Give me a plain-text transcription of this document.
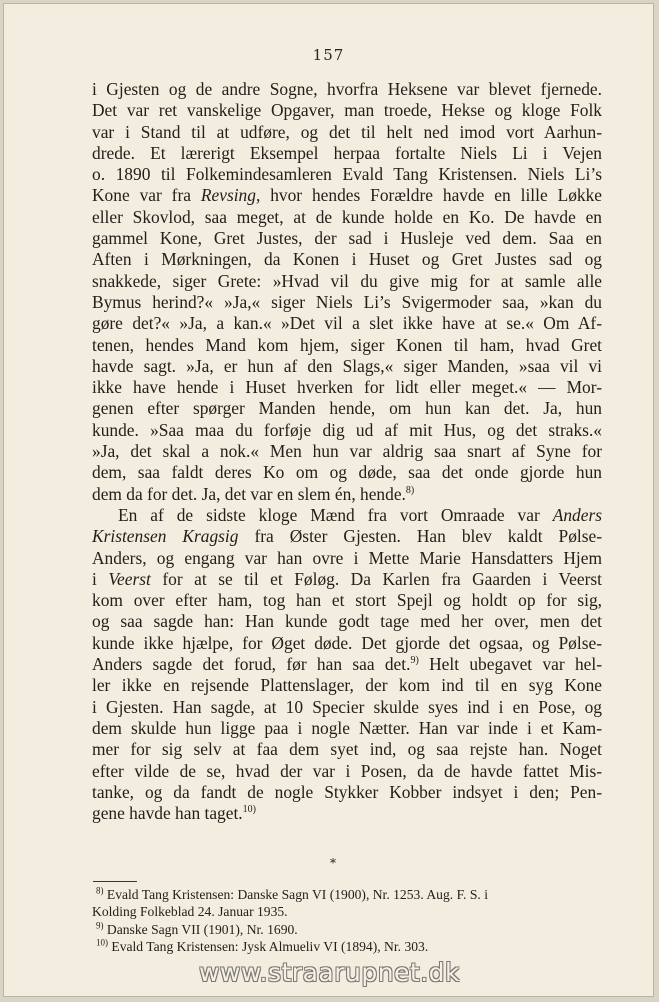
157
i Gjesten og de andre Sogne, hvorfra Heksene var blevet fjernede.
Det var ret vanskelige Opgaver, man troede, Hekse og kloge Folk
var i Stand til at udføre, og det til helt ned imod vort Aarhun-
drede. Et lærerigt Eksempel herpaa fortalte Niels Li i Vejen
o. 1890 til Folkemindesamleren Evald Tang Kristensen. Niels Li’s
Kone var fra Revsing, hvor hendes Forældre havde en lille Løkke
eller Skovlod, saa meget, at de kunde holde en Ko. De havde en
gammel Kone, Gret Justes, der sad i Husleje ved dem. Saa en
Aften i Mørkningen, da Konen i Huset og Gret Justes sad og
snakkede, siger Grete: »Hvad vil du give mig for at samle alle
Bymus herind?« »Ja,« siger Niels Li’s Svigermoder saa, »kan du
gøre det?« »Ja, a kan.« »Det vil a slet ikke have at se.« Om Af-
tenen, hendes Mand kom hjem, siger Konen til ham, hvad Gret
havde sagt. »Ja, er hun af den Slags,« siger Manden, »saa vil vi
ikke have hende i Huset hverken for lidt eller meget.« — Mor-
genen efter spørger Manden hende, om hun kan det. Ja, hun
kunde. »Saa maa du forføje dig ud af mit Hus, og det straks.«
»Ja, det skal a nok.« Men hun var aldrig saa snart af Syne for
dem, saa faldt deres Ko om og døde, saa det onde gjorde hun
dem da for det. Ja, det var en slem én, hende.$^{8)}$
En af de sidste kloge Mænd fra vort Omraade var Anders
Kristensen Kragsig fra Øster Gjesten. Han blev kaldt Pølse-
Anders, og engang var han ovre i Mette Marie Hansdatters Hjem
i Veerst for at se til et Føløg. Da Karlen fra Gaarden i Veerst
kom over efter ham, tog han et stort Spejl og holdt op for sig,
og saa sagde han: Han kunde godt tage med her over, men det
kunde ikke hjælpe, for Øget døde. Det gjorde det ogsaa, og Pølse-
Anders sagde det forud, før han saa det.$^{9)}$ Helt ubegavet var hel-
ler ikke en rejsende Plattenslager, der kom ind til en syg Kone
i Gjesten. Han sagde, at 10 Specier skulde syes ind i en Pose, og
dem skulde hun ligge paa i nogle Nætter. Han var inde i et Kam-
mer for sig selv at faa dem syet ind, og saa rejste han. Noget
efter vilde de se, hvad der var i Posen, da de havde fattet Mis-
tanke, og da fandt de nogle Stykker Kobber indsyet i den; Pen-
gene havde han taget.$^{10)}$
*
$^{8)}$ Evald Tang Kristensen: Danske Sagn VI (1900), Nr. 1253. Aug. F. S. i
Kolding Folkeblad 24. Januar 1935.
$^{9)}$ Danske Sagn VII (1901), Nr. 1690.
$^{10)}$ Evald Tang Kristensen: Jysk Almueliv VI (1894), Nr. 303.
www.straarupnet.dk
